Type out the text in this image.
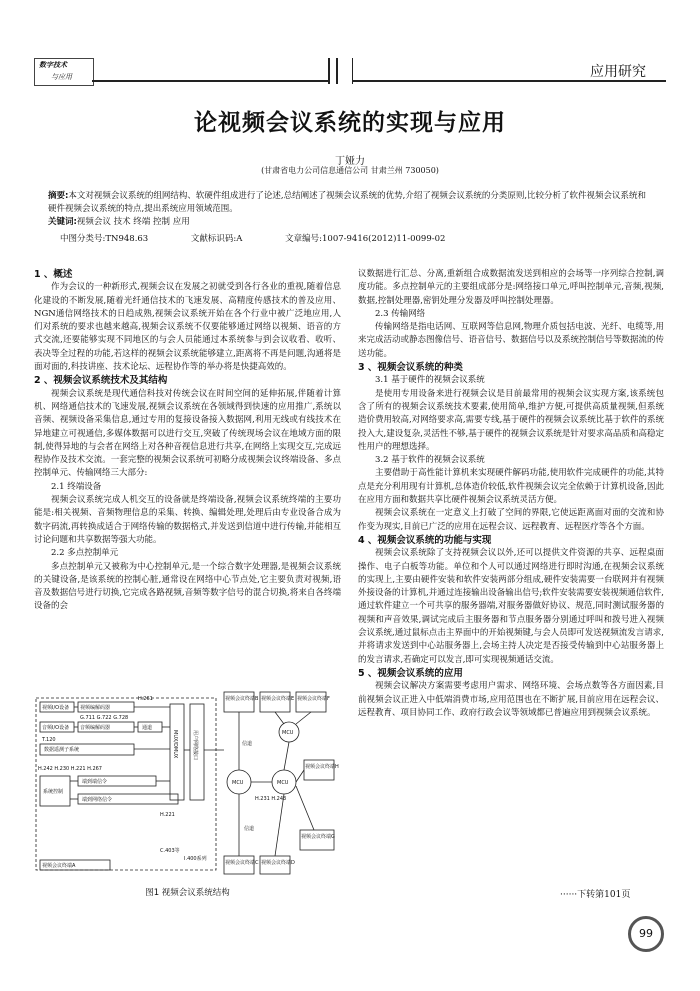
数字技术
与应用	应用研究
论视频会议系统的实现与应用
丁娅力
(甘肃省电力公司信息通信公司 甘肃兰州 730050)
摘要:本文对视频会议系统的组网结构、软硬件组成进行了论述,总结阐述了视频会议系统的优势,介绍了视频会议系统的分类原则,比较分析了软件视频会议系统和硬件视频会议系统的特点,提出系统应用领域范围。
关键词:视频会议 技术 终端 控制 应用
中图分类号:TN948.63	文献标识码:A	文章编号:1007-9416(2012)11-0099-02

1 、概述

作为会议的一种新形式,视频会议在发展之初就受到各行各业的重视,随着信息化建设的不断发展,随着光纤通信技术的飞速发展、高精度传感技术的普及应用、NGN通信网络技术的日趋成熟,视频会议系统开始在各个行业中被广泛地应用,人们对系统的要求也越来越高,视频会议系统不仅要能够通过网络以视频、语音的方式交流,还要能够实现不同地区的与会人员能通过本系统参与到会议收看、收听、表决等全过程的功能,若这样的视频会议系统能够建立,距离将不再是问题,沟通将是面对面的,科技讲座、技术论坛、远程协作等的举办将是快捷高效的。

2 、视频会议系统技术及其结构

视频会议系统是现代通信科技对传统会议在时间空间的延伸拓展,伴随着计算机、网络通信技术的飞速发展,视频会议系统在各领域得到快速的应用推广,系统以音频、视频设备采集信息,通过专用的复接设备接入数据网,利用无线或有线技术在异地建立可视通信,多媒体数据可以进行交互,突破了传统现场会议在地域方面的限制,使得异地的与会者在网络上对各种音视信息进行共享,在网络上实现交互,完成远程协作及技术交流。一套完整的视频会议系统可初略分成视频会议终端设备、多点控制单元、传输网络三大部分:

2.1 终端设备

视频会议系统完成人机交互的设备就是终端设备,视频会议系统终端的主要功能是:相关视频、音频物理信息的采集、转换、编辑处理,处理后由专业设备合成为数字码流,再转换成适合于网络传输的数据格式,并发送到信道中进行传输,并能相互讨论问题和共享数据等强大功能。

2.2 多点控制单元

多点控制单元又被称为中心控制单元,是一个综合数字处理器,是视频会议系统的关键设备,是该系统的控制心脏,通常设在网络中心节点处,它主要负责对视频,语音及数据信号进行切换,它完成各路视频,音频等数字信号的混合切换,将来自各终端设备的会

H.261
视频I/O设备 视频编解码器
G.711 G.722 G.728
音频I/O设备 音频编解码器	通道
T.120
数据遥测子系统
H.242 H.230 H.221 H.267
系统控制
端到端信令
端到网络信令
MUX/DMUX	用户网络接口
H.221
C.403等
I.400系列
视频会议终端A
视频会议终端B 视频会议终端E 视频会议终端F
视频会议终端C 视频会议终端D
视频会议终端G
视频会议终端H
MCU	MCU
MCU
信道
信道
H.231 H.243
图1 视频会议系统结构

议数据进行汇总、分离,重新组合成数据流发送到相应的会场等一序列综合控制,调度功能。多点控制单元的主要组成部分是:网络接口单元,呼叫控制单元,音频,视频,数据,控制处理器,密钥处理分发器及呼叫控制处理器。

2.3 传输网络

传输网络是指电话网、互联网等信息网,物理介质包括电波、光纤、电缆等,用来完成活动或静态图像信号、语音信号、数据信号以及系统控制信号等数据流的传送功能。

3 、视频会议系统的种类

3.1 基于硬件的视频会议系统

是使用专用设备来进行视频会议是目前最常用的视频会议实现方案,该系统包含了所有的视频会议系统技术要素,使用简单,维护方便,可提供高质量视频,但系统造价费用较高,对网络要求高,需要专线,基于硬件的视频会议系统比基于软件的系统投入大,建设复杂,灵活性不够,基于硬件的视频会议系统是针对要求高品质和高稳定性用户的理想选择。

3.2 基于软件的视频会议系统

主要借助于高性能计算机来实现硬件解码功能,使用软件完成硬件的功能,其特点是充分利用现有计算机,总体造价较低,软件视频会议完全依赖于计算机设备,因此在应用方面和数据共享比硬件视频会议系统灵活方便。

视频会议系统在一定意义上打破了空间的界限,它使远距离面对面的交流和协作变为现实,目前已广泛的应用在远程会议、远程教育、远程医疗等各个方面。

4 、视频会议系统的功能与实现

视频会议系统除了支持视频会议以外,还可以提供文件资源的共享、远程桌面操作、电子白板等功能。单位和个人可以通过网络进行即时沟通,在视频会议系统的实现上,主要由硬件安装和软件安装两部分组成,硬件安装需要一台联网并有视频外接设备的计算机,并通过连接输出设备输出信号;软件安装需要安装视频通信软件,通过软件建立一个可共享的服务器端,对服务器做好协议、规范,同时测试服务器的视频和声音效果,调试完成后主服务器和节点服务器分别通过呼叫和拨号进入视频会议系统,通过鼠标点击主界面中的开始视频键,与会人员即可发送视频流发言请求,并将请求发送到中心站服务器上,会场主持人决定是否接受传输到中心站服务器上的发言请求,若确定可以发言,即可实现视频通话交流。

5 、视频会议系统的应用

视频会议解决方案需要考虑用户需求、网络环境、会场点数等各方面因素,目前视频会议正进入中低端消费市场,应用范围也在不断扩展,目前应用在远程会议、远程教育、项目协同工作、政府行政会议等领域都已普遍应用到视频会议系统。

······下转第101页
99
